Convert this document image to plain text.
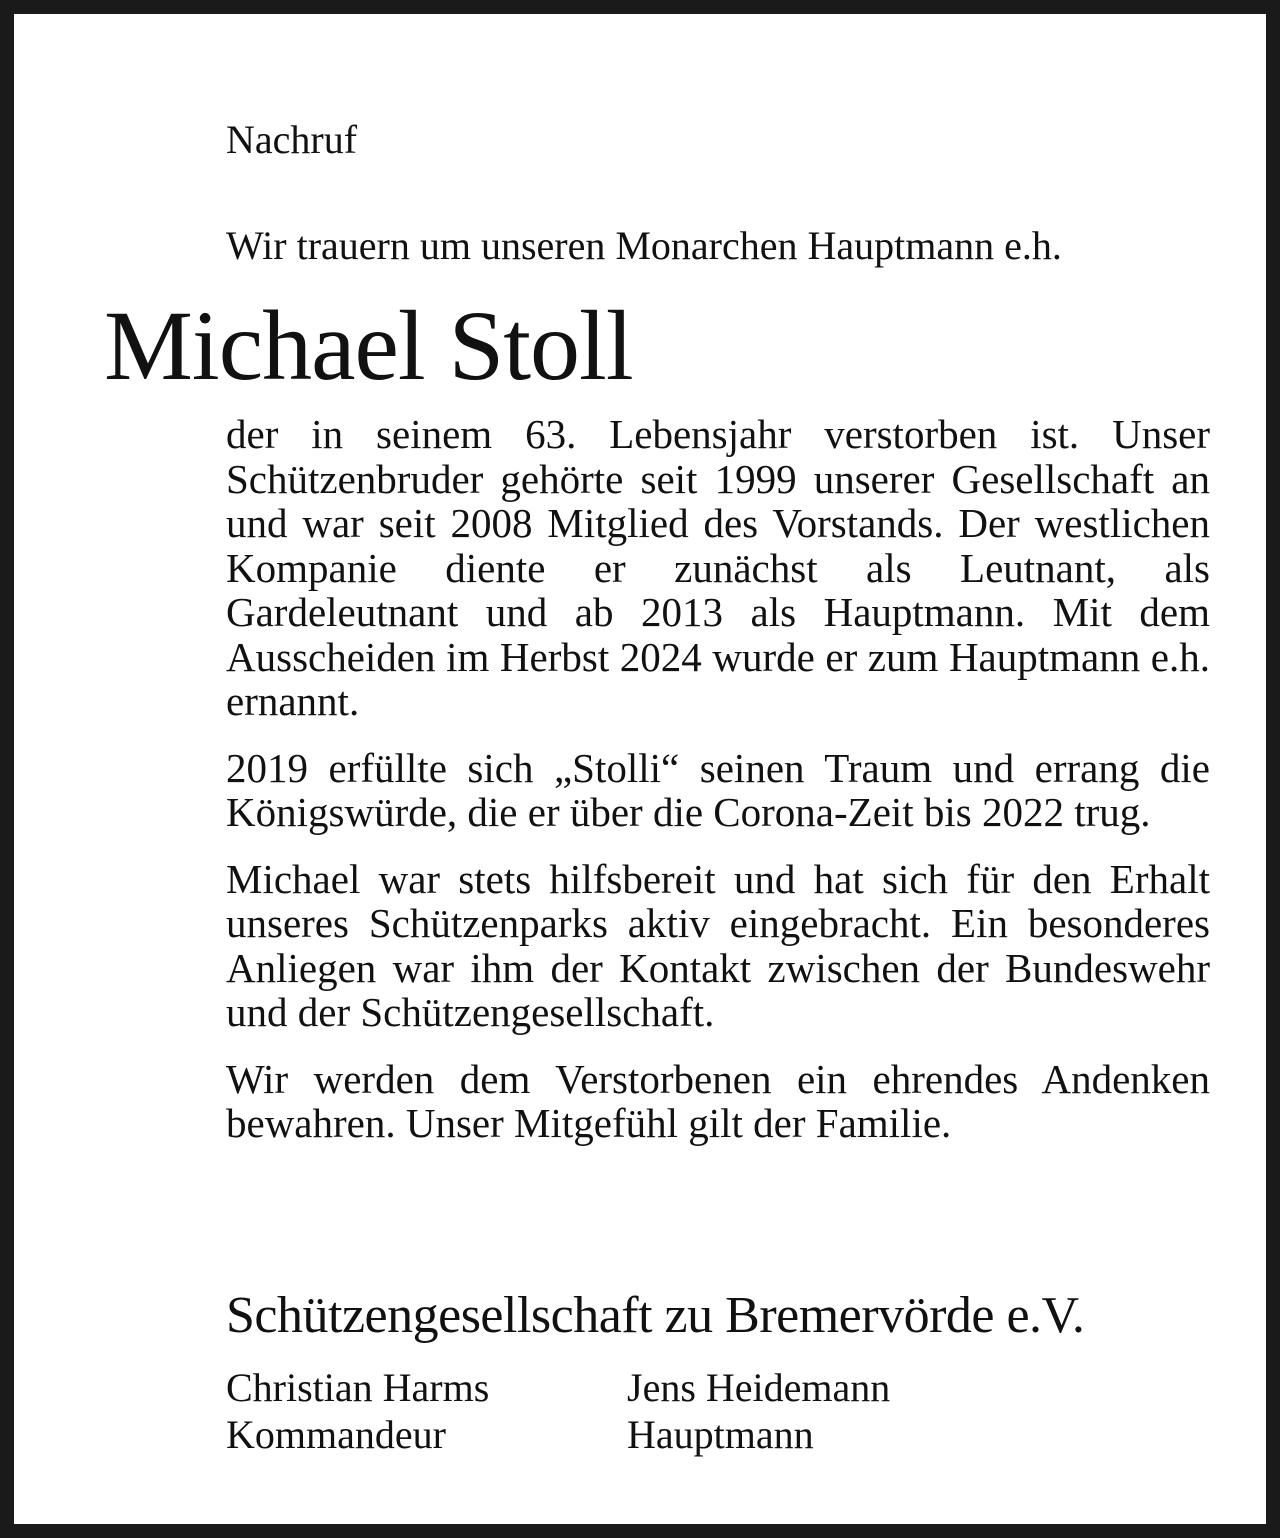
Nachruf

Wir trauern um unseren Monarchen Hauptmann e.h.

Michael Stoll

der in seinem 63. Lebensjahr verstorben ist. Unser Schützenbruder gehörte seit 1999 unserer Gesellschaft an und war seit 2008 Mitglied des Vorstands. Der westlichen Kompanie diente er zunächst als Leutnant, als Gardeleutnant und ab 2013 als Hauptmann. Mit dem Ausscheiden im Herbst 2024 wurde er zum Hauptmann e.h. ernannt.

2019 erfüllte sich „Stolli“ seinen Traum und errang die Königswürde, die er über die Corona-Zeit bis 2022 trug.

Michael war stets hilfsbereit und hat sich für den Erhalt unseres Schützenparks aktiv eingebracht. Ein besonderes Anliegen war ihm der Kontakt zwischen der Bundeswehr und der Schützengesellschaft.

Wir werden dem Verstorbenen ein ehrendes Andenken bewahren. Unser Mitgefühl gilt der Familie.

Schützengesellschaft zu Bremervörde e.V.

Christian Harms
Kommandeur
Jens Heidemann
Hauptmann
